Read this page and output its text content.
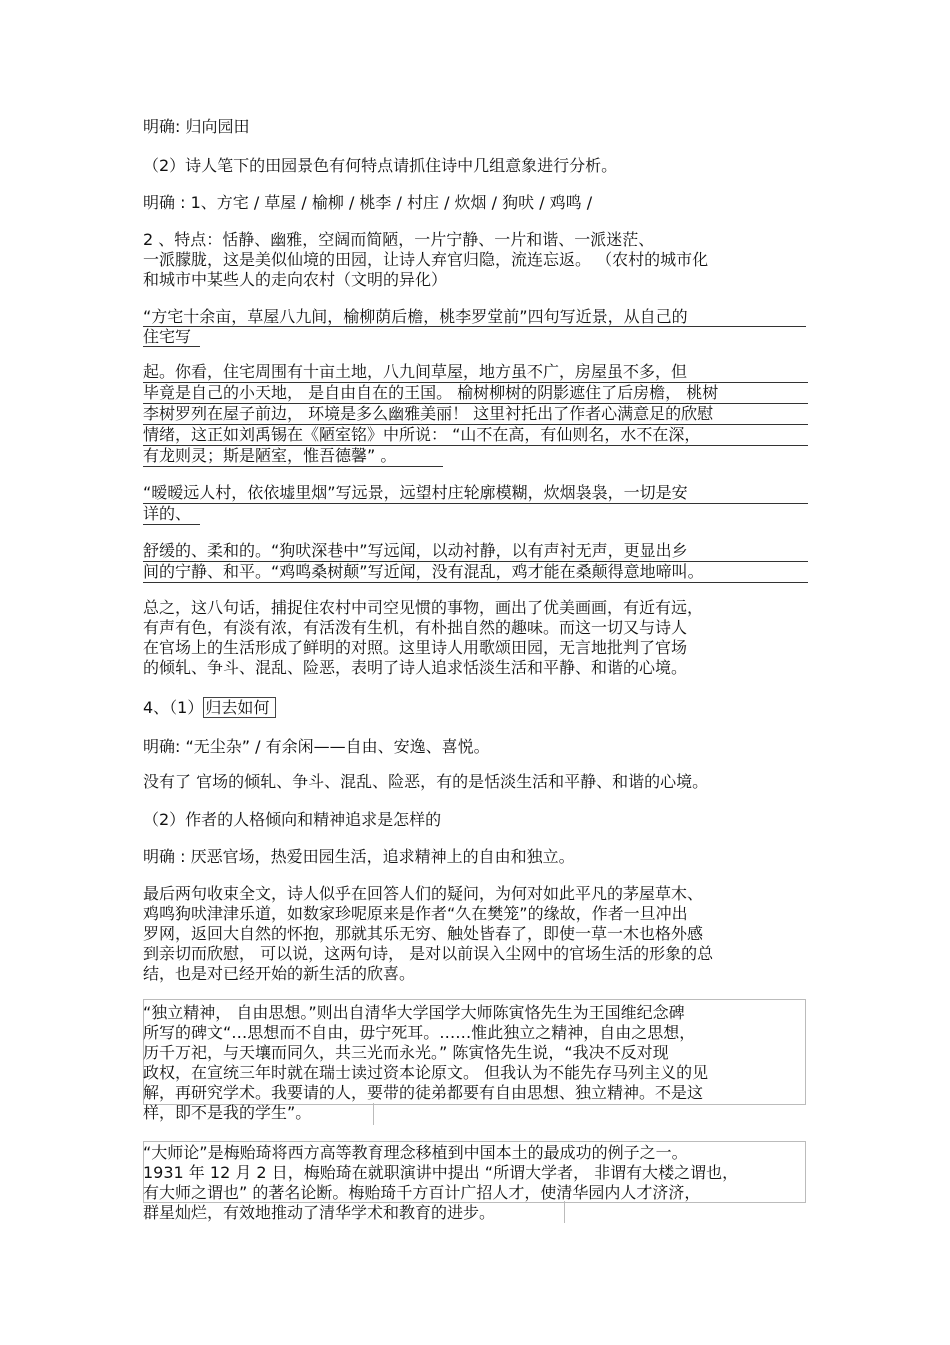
明确: 归向园田
（2）诗人笔下的田园景色有何特点请抓住诗中几组意象进行分析。
明确 : 1、方宅 / 草屋 / 榆柳 / 桃李 / 村庄 / 炊烟 / 狗吠 / 鸡鸣 /
2 、特点：恬静、幽雅，空阔而简陋，一片宁静、一片和谐、一派迷茫、
一派朦胧，这是美似仙境的田园，让诗人弃官归隐，流连忘返。 （农村的城市化
和城市中某些人的走向农村（文明的异化）
“方宅十余亩，草屋八九间，榆柳荫后檐，桃李罗堂前”四句写近景，从自己的
住宅写
起。你看，住宅周围有十亩土地，八九间草屋，地方虽不广，房屋虽不多，但
毕竟是自己的小天地， 是自由自在的王国。 榆树柳树的阴影遮住了后房檐， 桃树
李树罗列在屋子前边， 环境是多么幽雅美丽！ 这里衬托出了作者心满意足的欣慰
情绪，这正如刘禹锡在《陋室铭》中所说： “山不在高，有仙则名，水不在深，
有龙则灵；斯是陋室，惟吾德馨” 。
“暧暧远人村，依依墟里烟”写远景，远望村庄轮廓模糊，炊烟袅袅，一切是安
详的、
舒缓的、柔和的。“狗吠深巷中”写远闻，以动衬静，以有声衬无声，更显出乡
间的宁静、和平。“鸡鸣桑树颠”写近闻，没有混乱，鸡才能在桑颠得意地啼叫。
总之，这八句话，捕捉住农村中司空见惯的事物，画出了优美画画，有近有远，
有声有色，有淡有浓，有活泼有生机，有朴拙自然的趣味。而这一切又与诗人
在官场上的生活形成了鲜明的对照。这里诗人用歌颂田园，无言地批判了官场
的倾轧、争斗、混乱、险恶，表明了诗人追求恬淡生活和平静、和谐的心境。
4、（1） 归去如何
明确: “无尘杂” / 有余闲——自由、安逸、喜悦。
没有了 官场的倾轧、争斗、混乱、险恶，有的是恬淡生活和平静、和谐的心境。
（2）作者的人格倾向和精神追求是怎样的
明确 : 厌恶官场，热爱田园生活，追求精神上的自由和独立。
最后两句收束全文，诗人似乎在回答人们的疑问，为何对如此平凡的茅屋草木、
鸡鸣狗吠津津乐道，如数家珍呢原来是作者“久在樊笼”的缘故，作者一旦冲出
罗网，返回大自然的怀抱，那就其乐无穷、触处皆春了，即使一草一木也格外感
到亲切而欣慰， 可以说，这两句诗， 是对以前误入尘网中的官场生活的形象的总
结，也是对已经开始的新生活的欣喜。
“独立精神， 自由思想。”则出自清华大学国学大师陈寅恪先生为王国维纪念碑
所写的碑文“…思想而不自由，毋宁死耳。……惟此独立之精神，自由之思想，
历千万祀，与天壤而同久，共三光而永光。” 陈寅恪先生说，“我决不反对现
政权，在宣统三年时就在瑞士读过资本论原文。 但我认为不能先存马列主义的见
解，再研究学术。我要请的人，要带的徒弟都要有自由思想、独立精神。不是这
样，即不是我的学生”。
“大师论”是梅贻琦将西方高等教育理念移植到中国本土的最成功的例子之一。
1931 年 12 月 2 日，梅贻琦在就职演讲中提出 “所谓大学者， 非谓有大楼之谓也，
有大师之谓也” 的著名论断。梅贻琦千方百计广招人才，使清华园内人才济济，
群星灿烂，有效地推动了清华学术和教育的进步。
